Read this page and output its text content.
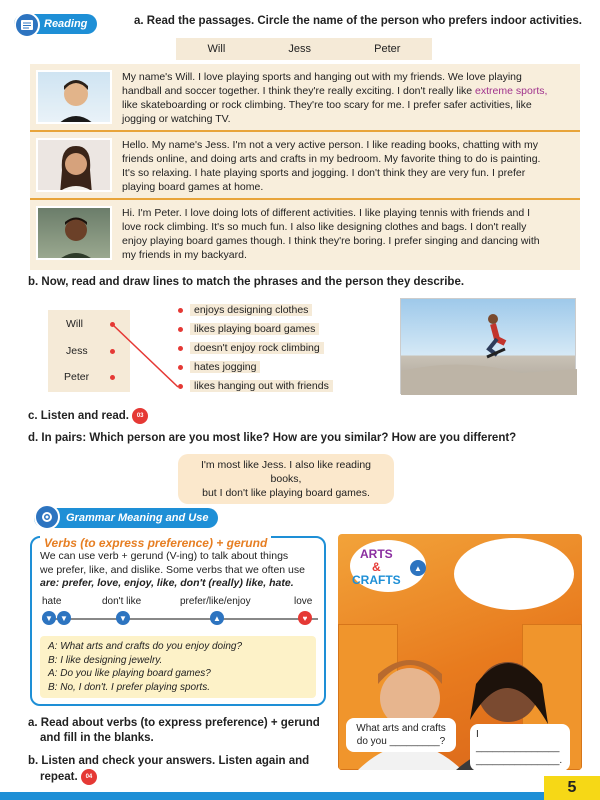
Reading	a. Read the passages. Circle the name of the person who prefers indoor activities.
Will	Jess	Peter
My name's Will. I love playing sports and hanging out with my friends. We love playing
handball and soccer together. I think they're really exciting. I don't really like extreme sports,
like skateboarding or rock climbing. They're too scary for me. I prefer safer activities, like
jogging or watching TV.
Hello. My name's Jess. I'm not a very active person. I like reading books, chatting with my
friends online, and doing arts and crafts in my bedroom. My favorite thing to do is painting.
It's so relaxing. I hate playing sports and jogging. I don't think they are very fun. I prefer
playing board games at home.
Hi. I'm Peter. I love doing lots of different activities. I like playing tennis with friends and I
love rock climbing. It's so much fun. I also like designing clothes and bags. I don't really
enjoy playing board games though. I think they're boring. I prefer singing and dancing with
my friends in my backyard.
b. Now, read and draw lines to match the phrases and the person they describe.
Will
Jess
Peter
enjoys designing clothes
likes playing board games
doesn't enjoy rock climbing
hates jogging
likes hanging out with friends
c. Listen and read. 03
d. In pairs: Which person are you most like? How are you similar? How are you different?
I'm most like Jess. I also like reading books,
but I don't like playing board games.
Grammar Meaning and Use
Verbs (to express preference) + gerund
We can use verb + gerund (V-ing) to talk about things
we prefer, like, and dislike. Some verbs that we often use
are: prefer, love, enjoy, like, don't (really) like, hate.
hate	don't like	prefer/like/enjoy	love
▼ ▼	▼	▲	♥
A: What arts and crafts do you enjoy doing?
B: I like designing jewelry.
A: Do you like playing board games?
B: No, I don't. I prefer playing sports.
a. Read about verbs (to express preference) + gerund
and fill in the blanks.
b. Listen and check your answers. Listen again and
repeat. 04
ARTS
&
CRAFTS
▲
What arts and crafts
do you _________?
I _______________
_______________.
5
